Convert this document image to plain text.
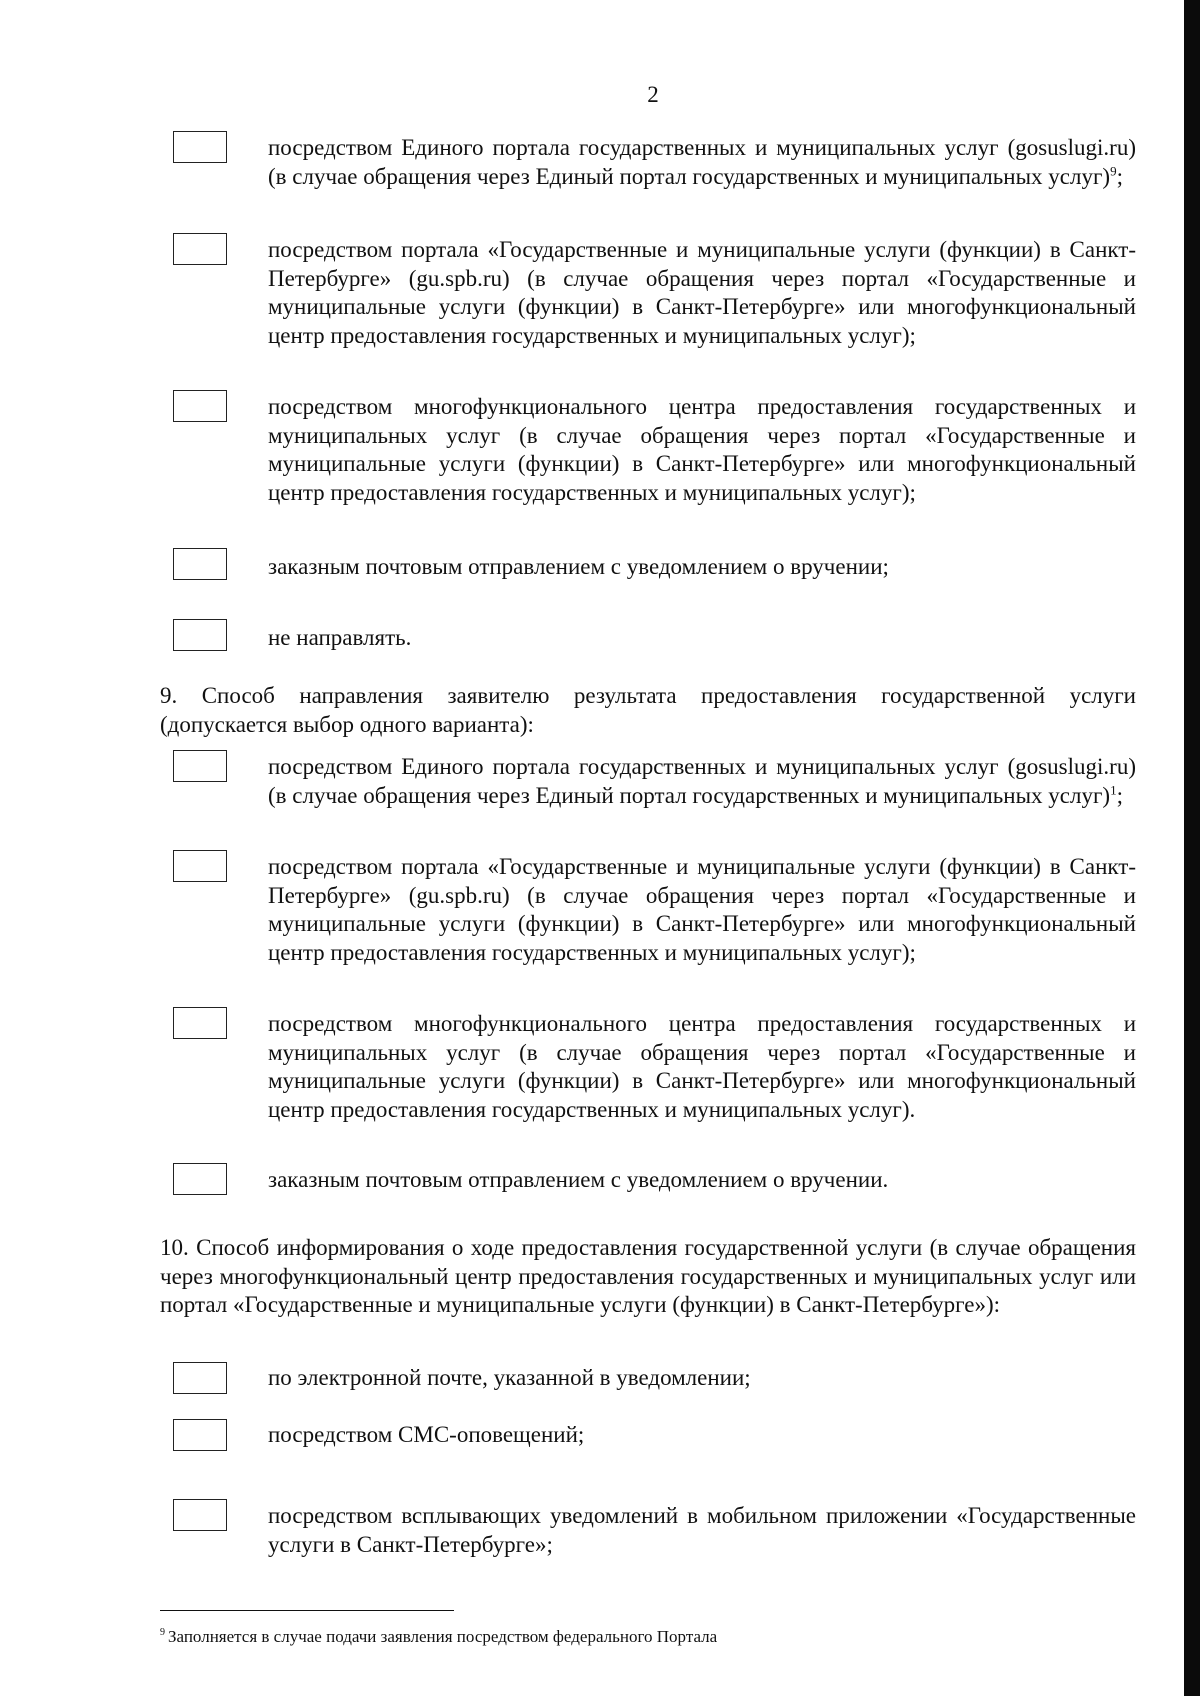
2
посредством Единого портала государственных и муниципальных услуг (gosuslugi.ru) (в случае обращения через Единый портал государственных и муниципальных услуг)$^9$;
посредством портала «Государственные и муниципальные услуги (функции) в Санкт-Петербурге» (gu.spb.ru) (в случае обращения через портал «Государственные и муниципальные услуги (функции) в Санкт-Петербурге» или многофункциональный центр предоставления государственных и муниципальных услуг);
посредством многофункционального центра предоставления государственных и муниципальных услуг (в случае обращения через портал «Государственные и муниципальные услуги (функции) в Санкт-Петербурге» или многофункциональный центр предоставления государственных и муниципальных услуг);
заказным почтовым отправлением с уведомлением о вручении;
не направлять.
9. Способ направления заявителю результата предоставления государственной услуги (допускается выбор одного варианта):
посредством Единого портала государственных и муниципальных услуг (gosuslugi.ru) (в случае обращения через Единый портал государственных и муниципальных услуг)$^1$;
посредством портала «Государственные и муниципальные услуги (функции) в Санкт-Петербурге» (gu.spb.ru) (в случае обращения через портал «Государственные и муниципальные услуги (функции) в Санкт-Петербурге» или многофункциональный центр предоставления государственных и муниципальных услуг);
посредством многофункционального центра предоставления государственных и муниципальных услуг (в случае обращения через портал «Государственные и муниципальные услуги (функции) в Санкт-Петербурге» или многофункциональный центр предоставления государственных и муниципальных услуг).
заказным почтовым отправлением с уведомлением о вручении.
10. Способ информирования о ходе предоставления государственной услуги (в случае обращения через многофункциональный центр предоставления государственных и муниципальных услуг или портал «Государственные и муниципальные услуги (функции) в Санкт-Петербурге»):
по электронной почте, указанной в уведомлении;
посредством СМС-оповещений;
посредством всплывающих уведомлений в мобильном приложении «Государственные услуги в Санкт-Петербурге»;
$^9$ Заполняется в случае подачи заявления посредством федерального Портала
